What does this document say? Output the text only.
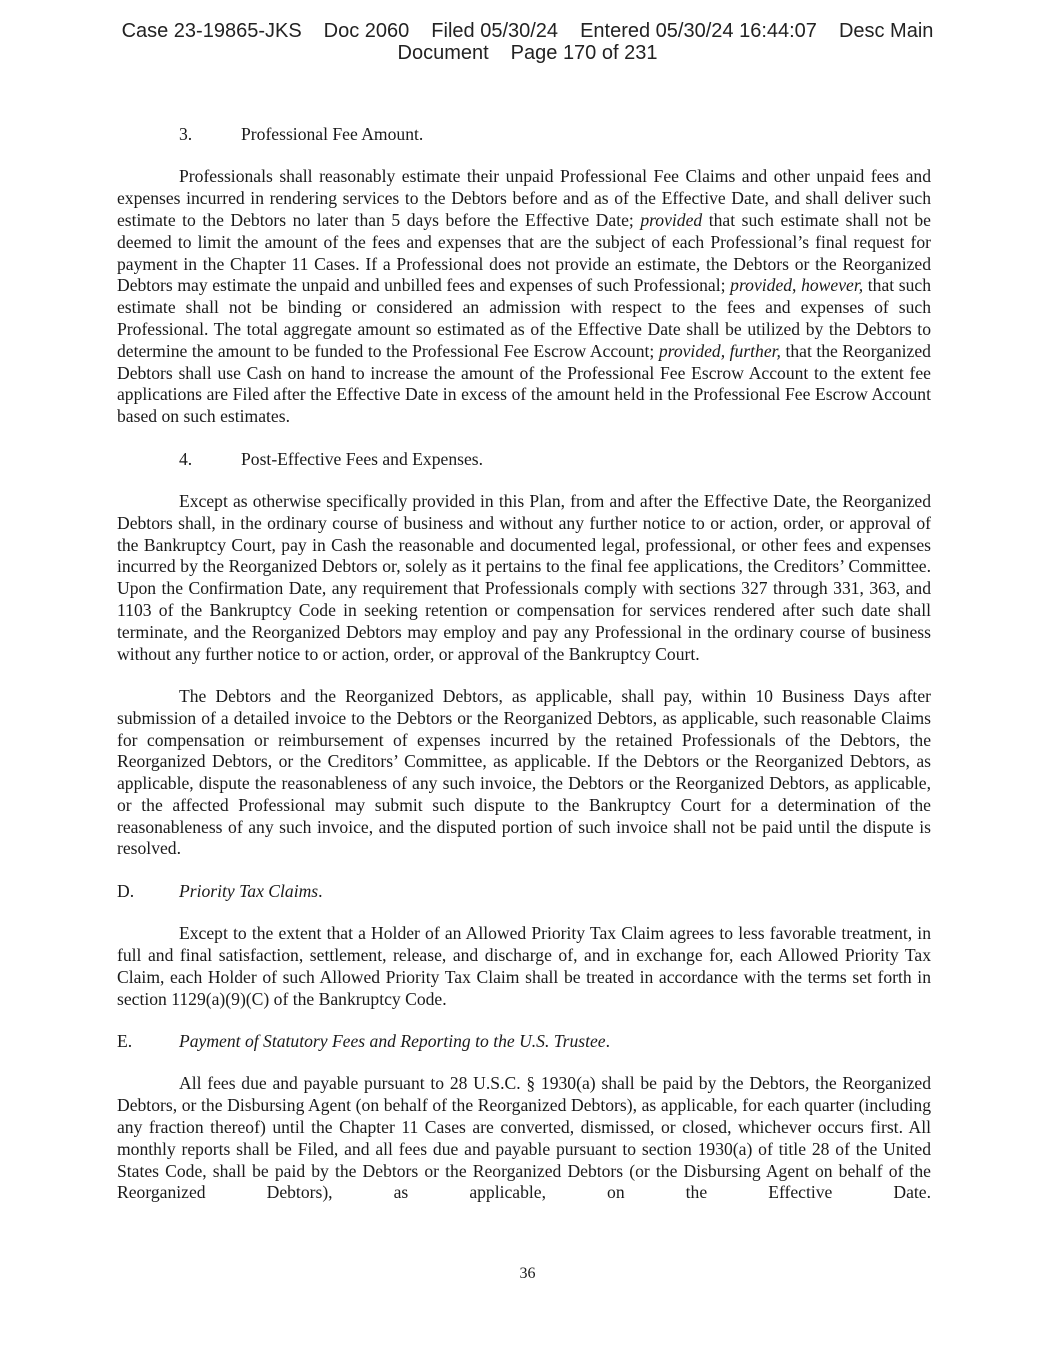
Case 23-19865-JKS Doc 2060 Filed 05/30/24 Entered 05/30/24 16:44:07 Desc Main
Document Page 170 of 231
3.	Professional Fee Amount.

Professionals shall reasonably estimate their unpaid Professional Fee Claims and other unpaid fees and expenses incurred in rendering services to the Debtors before and as of the Effective Date, and shall deliver such estimate to the Debtors no later than 5 days before the Effective Date; provided that such estimate shall not be deemed to limit the amount of the fees and expenses that are the subject of each Professional’s final request for payment in the Chapter 11 Cases. If a Professional does not provide an estimate, the Debtors or the Reorganized Debtors may estimate the unpaid and unbilled fees and expenses of such Professional; provided, however, that such estimate shall not be binding or considered an admission with respect to the fees and expenses of such Professional. The total aggregate amount so estimated as of the Effective Date shall be utilized by the Debtors to determine the amount to be funded to the Professional Fee Escrow Account; provided, further, that the Reorganized Debtors shall use Cash on hand to increase the amount of the Professional Fee Escrow Account to the extent fee applications are Filed after the Effective Date in excess of the amount held in the Professional Fee Escrow Account based on such estimates.

4.	Post-Effective Fees and Expenses.

Except as otherwise specifically provided in this Plan, from and after the Effective Date, the Reorganized Debtors shall, in the ordinary course of business and without any further notice to or action, order, or approval of the Bankruptcy Court, pay in Cash the reasonable and documented legal, professional, or other fees and expenses incurred by the Reorganized Debtors or, solely as it pertains to the final fee applications, the Creditors’ Committee. Upon the Confirmation Date, any requirement that Professionals comply with sections 327 through 331, 363, and 1103 of the Bankruptcy Code in seeking retention or compensation for services rendered after such date shall terminate, and the Reorganized Debtors may employ and pay any Professional in the ordinary course of business without any further notice to or action, order, or approval of the Bankruptcy Court.

The Debtors and the Reorganized Debtors, as applicable, shall pay, within 10 Business Days after submission of a detailed invoice to the Debtors or the Reorganized Debtors, as applicable, such reasonable Claims for compensation or reimbursement of expenses incurred by the retained Professionals of the Debtors, the Reorganized Debtors, or the Creditors’ Committee, as applicable. If the Debtors or the Reorganized Debtors, as applicable, dispute the reasonableness of any such invoice, the Debtors or the Reorganized Debtors, as applicable, or the affected Professional may submit such dispute to the Bankruptcy Court for a determination of the reasonableness of any such invoice, and the disputed portion of such invoice shall not be paid until the dispute is resolved.

D.	Priority Tax Claims.

Except to the extent that a Holder of an Allowed Priority Tax Claim agrees to less favorable treatment, in full and final satisfaction, settlement, release, and discharge of, and in exchange for, each Allowed Priority Tax Claim, each Holder of such Allowed Priority Tax Claim shall be treated in accordance with the terms set forth in section 1129(a)(9)(C) of the Bankruptcy Code.

E.	Payment of Statutory Fees and Reporting to the U.S. Trustee.

All fees due and payable pursuant to 28 U.S.C. § 1930(a) shall be paid by the Debtors, the Reorganized Debtors, or the Disbursing Agent (on behalf of the Reorganized Debtors), as applicable, for each quarter (including any fraction thereof) until the Chapter 11 Cases are converted, dismissed, or closed, whichever occurs first. All monthly reports shall be Filed, and all fees due and payable pursuant to section 1930(a) of title 28 of the United States Code, shall be paid by the Debtors or the Reorganized Debtors (or the Disbursing Agent on behalf of the Reorganized Debtors), as applicable, on the Effective Date.

36
